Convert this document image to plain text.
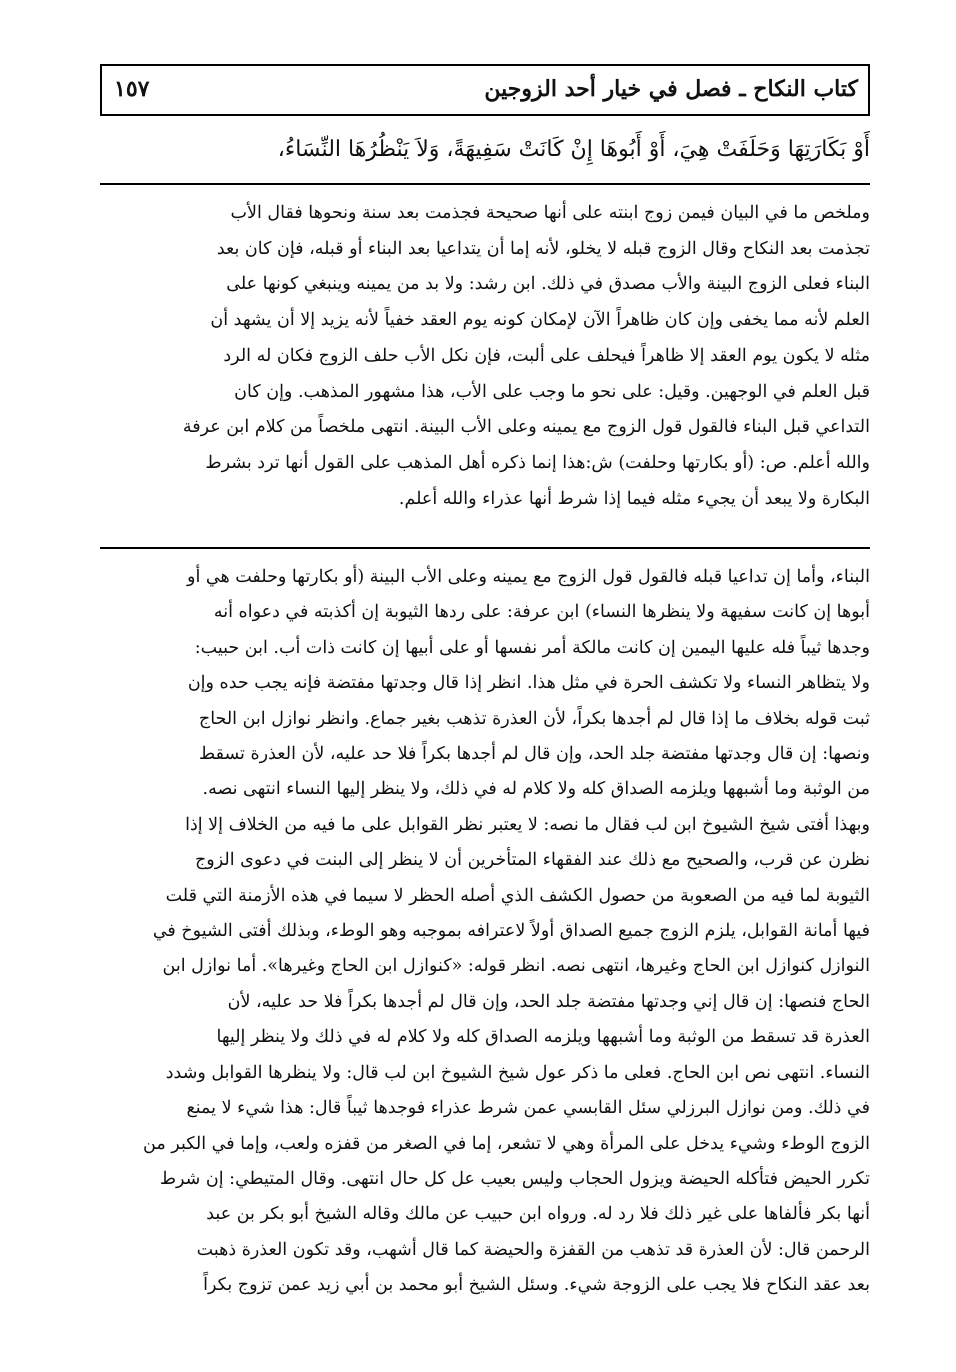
كتاب النكاح ـ فصل في خيار أحد الزوجين
١٥٧
أَوْ بَكَارَتِهَا وَحَلَفَتْ هِيَ، أَوْ أَبُوهَا إِنْ كَانَتْ سَفِيهَةً، وَلاَ يَنْظُرُهَا النِّسَاءُ،

وملخص ما في البيان فيمن زوج ابنته على أنها صحيحة فجذمت بعد سنة ونحوها فقال الأب

تجذمت بعد النكاح وقال الزوج قبله لا يخلو، لأنه إما أن يتداعيا بعد البناء أو قبله، فإن كان بعد

البناء فعلى الزوج البينة والأب مصدق في ذلك. ابن رشد: ولا بد من يمينه وينبغي كونها على

العلم لأنه مما يخفى وإن كان ظاهراً الآن لإمكان كونه يوم العقد خفياً لأنه يزيد إلا أن يشهد أن

مثله لا يكون يوم العقد إلا ظاهراً فيحلف على ألبت، فإن نكل الأب حلف الزوج فكان له الرد

قبل العلم في الوجهين. وقيل: على نحو ما وجب على الأب، هذا مشهور المذهب. وإن كان

التداعي قبل البناء فالقول قول الزوج مع يمينه وعلى الأب البينة. انتهى ملخصاً من كلام ابن عرفة

والله أعلم. ص: (أو بكارتها وحلفت) ش:هذا إنما ذكره أهل المذهب على القول أنها ترد بشرط

البكارة ولا يبعد أن يجيء مثله فيما إذا شرط أنها عذراء والله أعلم.

البناء، وأما إن تداعيا قبله فالقول قول الزوج مع يمينه وعلى الأب البينة (أو بكارتها وحلفت هي أو

أبوها إن كانت سفيهة ولا ينظرها النساء) ابن عرفة: على ردها الثيوبة إن أكذبته في دعواه أنه

وجدها ثيباً فله عليها اليمين إن كانت مالكة أمر نفسها أو على أبيها إن كانت ذات أب. ابن حبيب:

ولا يتظاهر النساء ولا تكشف الحرة في مثل هذا. انظر إذا قال وجدتها مفتضة فإنه يجب حده وإن

ثبت قوله بخلاف ما إذا قال لم أجدها بكراً، لأن العذرة تذهب بغير جماع. وانظر نوازل ابن الحاج

ونصها: إن قال وجدتها مفتضة جلد الحد، وإن قال لم أجدها بكراً فلا حد عليه، لأن العذرة تسقط

من الوثبة وما أشبهها ويلزمه الصداق كله ولا كلام له في ذلك، ولا ينظر إليها النساء انتهى نصه.

وبهذا أفتى شيخ الشيوخ ابن لب فقال ما نصه: لا يعتبر نظر القوابل على ما فيه من الخلاف إلا إذا

نظرن عن قرب، والصحيح مع ذلك عند الفقهاء المتأخرين أن لا ينظر إلى البنت في دعوى الزوج

الثيوبة لما فيه من الصعوبة من حصول الكشف الذي أصله الحظر لا سيما في هذه الأزمنة التي قلت

فيها أمانة القوابل، يلزم الزوج جميع الصداق أولاً لاعترافه بموجبه وهو الوطء، وبذلك أفتى الشيوخ في

النوازل كنوازل ابن الحاج وغيرها، انتهى نصه. انظر قوله: «كنوازل ابن الحاج وغيرها». أما نوازل ابن

الحاج فنصها: إن قال إني وجدتها مفتضة جلد الحد، وإن قال لم أجدها بكراً فلا حد عليه، لأن

العذرة قد تسقط من الوثبة وما أشبهها ويلزمه الصداق كله ولا كلام له في ذلك ولا ينظر إليها

النساء. انتهى نص ابن الحاج. فعلى ما ذكر عول شيخ الشيوخ ابن لب قال: ولا ينظرها القوابل وشدد

في ذلك. ومن نوازل البرزلي سئل القابسي عمن شرط عذراء فوجدها ثيباً قال: هذا شيء لا يمنع

الزوج الوطء وشيء يدخل على المرأة وهي لا تشعر، إما في الصغر من قفزه ولعب، وإما في الكبر من

تكرر الحيض فتأكله الحيضة ويزول الحجاب وليس بعيب عل كل حال انتهى. وقال المتيطي: إن شرط

أنها بكر فألفاها على غير ذلك فلا رد له. ورواه ابن حبيب عن مالك وقاله الشيخ أبو بكر بن عبد

الرحمن قال: لأن العذرة قد تذهب من القفزة والحيضة كما قال أشهب، وقد تكون العذرة ذهبت

بعد عقد النكاح فلا يجب على الزوجة شيء. وسئل الشيخ أبو محمد بن أبي زيد عمن تزوج بكراً
